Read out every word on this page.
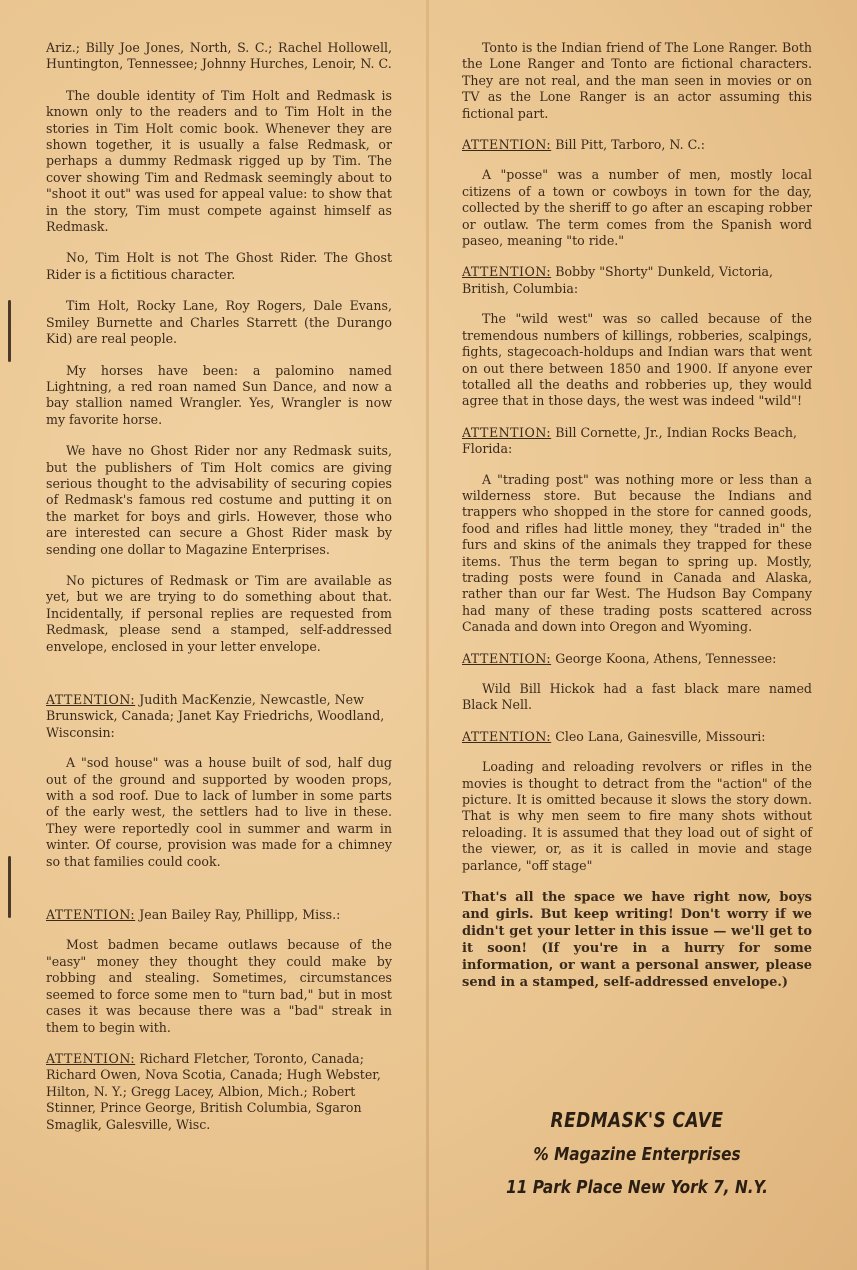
Ariz.; Billy Joe Jones, North, S. C.; Rachel Hollowell, Huntington, Tennessee; Johnny Hurches, Lenoir, N. C.

The double identity of Tim Holt and Redmask is known only to the readers and to Tim Holt in the stories in Tim Holt comic book. Whenever they are shown together, it is usually a false Redmask, or perhaps a dummy Redmask rigged up by Tim. The cover showing Tim and Redmask seemingly about to "shoot it out" was used for appeal value: to show that in the story, Tim must compete against himself as Redmask.

No, Tim Holt is not The Ghost Rider. The Ghost Rider is a fictitious character.

Tim Holt, Rocky Lane, Roy Rogers, Dale Evans, Smiley Burnette and Charles Starrett (the Durango Kid) are real people.

My horses have been: a palomino named Lightning, a red roan named Sun Dance, and now a bay stallion named Wrangler. Yes, Wrangler is now my favorite horse.

We have no Ghost Rider nor any Redmask suits, but the publishers of Tim Holt comics are giving serious thought to the advisability of securing copies of Redmask's famous red costume and putting it on the market for boys and girls. However, those who are interested can secure a Ghost Rider mask by sending one dollar to Magazine Enterprises.

No pictures of Redmask or Tim are available as yet, but we are trying to do something about that. Incidentally, if personal replies are requested from Redmask, please send a stamped, self-addressed envelope, enclosed in your letter envelope.

ATTENTION: Judith MacKenzie, Newcastle, New Brunswick, Canada; Janet Kay Friedrichs, Woodland, Wisconsin:

A "sod house" was a house built of sod, half dug out of the ground and supported by wooden props, with a sod roof. Due to lack of lumber in some parts of the early west, the settlers had to live in these. They were reportedly cool in summer and warm in winter. Of course, provision was made for a chimney so that families could cook.

ATTENTION: Jean Bailey Ray, Phillipp, Miss.:

Most badmen became outlaws because of the "easy" money they thought they could make by robbing and stealing. Sometimes, circumstances seemed to force some men to "turn bad," but in most cases it was because there was a "bad" streak in them to begin with.

ATTENTION: Richard Fletcher, Toronto, Canada; Richard Owen, Nova Scotia, Canada; Hugh Webster, Hilton, N. Y.; Gregg Lacey, Albion, Mich.; Robert Stinner, Prince George, British Columbia, Sgaron Smaglik, Galesville, Wisc.

Tonto is the Indian friend of The Lone Ranger. Both the Lone Ranger and Tonto are fictional characters. They are not real, and the man seen in movies or on TV as the Lone Ranger is an actor assuming this fictional part.

ATTENTION: Bill Pitt, Tarboro, N. C.:

A "posse" was a number of men, mostly local citizens of a town or cowboys in town for the day, collected by the sheriff to go after an escaping robber or outlaw. The term comes from the Spanish word paseo, meaning "to ride."

ATTENTION: Bobby "Shorty" Dunkeld, Victoria, British, Columbia:

The "wild west" was so called because of the tremendous numbers of killings, robberies, scalpings, fights, stagecoach-holdups and Indian wars that went on out there between 1850 and 1900. If anyone ever totalled all the deaths and robberies up, they would agree that in those days, the west was indeed "wild"!

ATTENTION: Bill Cornette, Jr., Indian Rocks Beach, Florida:

A "trading post" was nothing more or less than a wilderness store. But because the Indians and trappers who shopped in the store for canned goods, food and rifles had little money, they "traded in" the furs and skins of the animals they trapped for these items. Thus the term began to spring up. Mostly, trading posts were found in Canada and Alaska, rather than our far West. The Hudson Bay Company had many of these trading posts scattered across Canada and down into Oregon and Wyoming.

ATTENTION: George Koona, Athens, Tennessee:

Wild Bill Hickok had a fast black mare named Black Nell.

ATTENTION: Cleo Lana, Gainesville, Missouri:

Loading and reloading revolvers or rifles in the movies is thought to detract from the "action" of the picture. It is omitted because it slows the story down. That is why men seem to fire many shots without reloading. It is assumed that they load out of sight of the viewer, or, as it is called in movie and stage parlance, "off stage"

That's all the space we have right now, boys and girls. But keep writing! Don't worry if we didn't get your letter in this issue — we'll get to it soon! (If you're in a hurry for some information, or want a personal answer, please send in a stamped, self-addressed envelope.)

REDMASK'S CAVE
% Magazine Enterprises
11 Park Place New York 7, N.Y.
